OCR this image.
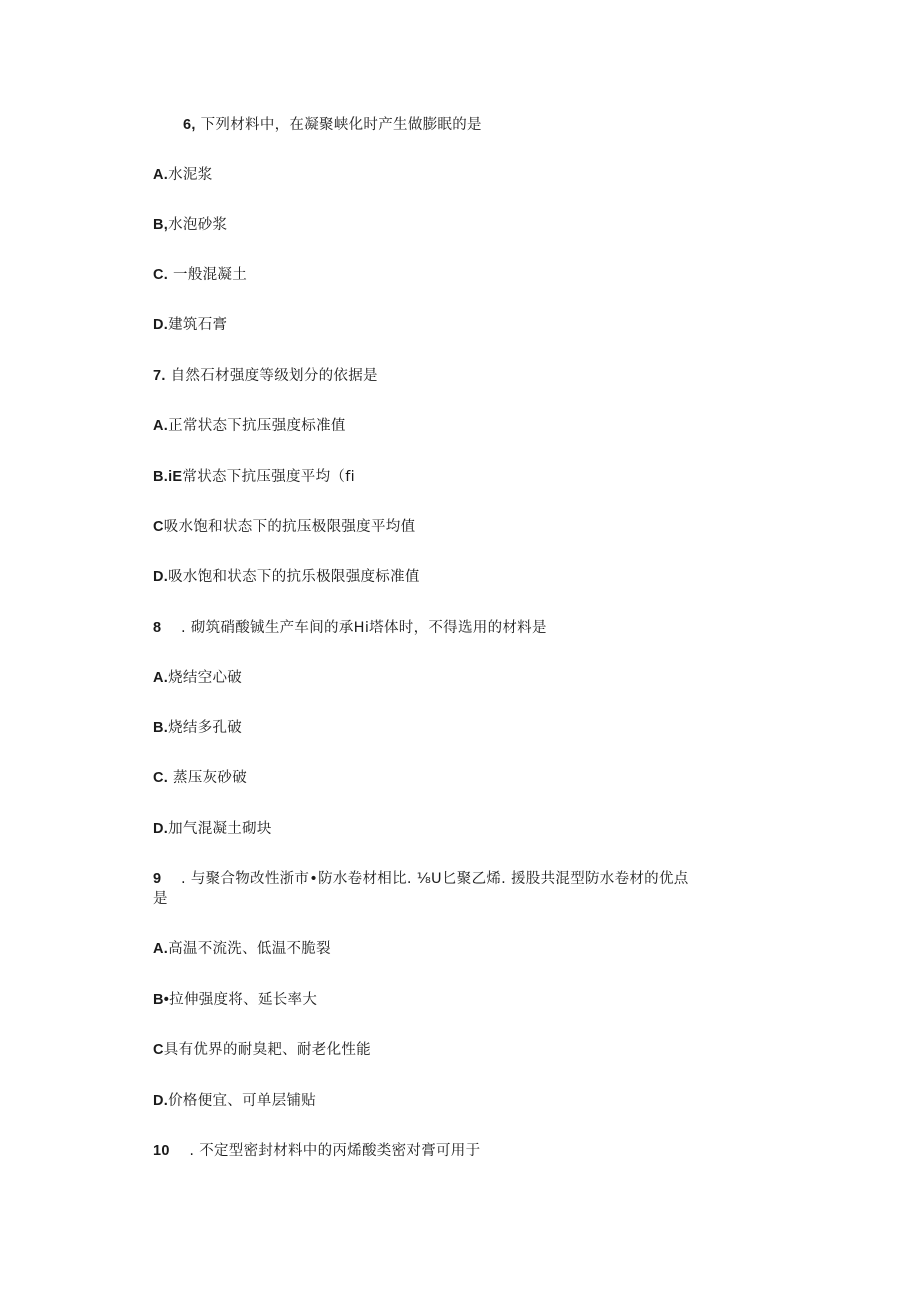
6, 下列材料中，在凝聚峡化时产生做膨眠的是
A.水泥浆
B,水泡砂浆
C. 一般混凝土
D.建筑石膏
7. 自然石材强度等级划分的依据是
A.正常状态下抗压强度标准值
B.iE常状态下抗压强度平均（fi
C吸水饱和状态下的抗压极限强度平均值
D.吸水饱和状态下的抗乐极限强度标准值
8 . 砌筑硝酸铖生产车间的承Hi塔体时，不得选用的材料是
A.烧结空心破
B.烧结多孔破
C. 蒸压灰砂破
D.加气混凝土砌块
9 . 与聚合物改性浙市•防水卷材相比. ⅛U匕聚乙烯. 援股共混型防水卷材的优点
是
A.高温不流洗、低温不脆裂
B•拉伸强度将、延长率大
C具有优界的耐臭耙、耐老化性能
D.价格便宜、可单层铺贴
10 . 不定型密封材料中的丙烯酸类密对膏可用于
